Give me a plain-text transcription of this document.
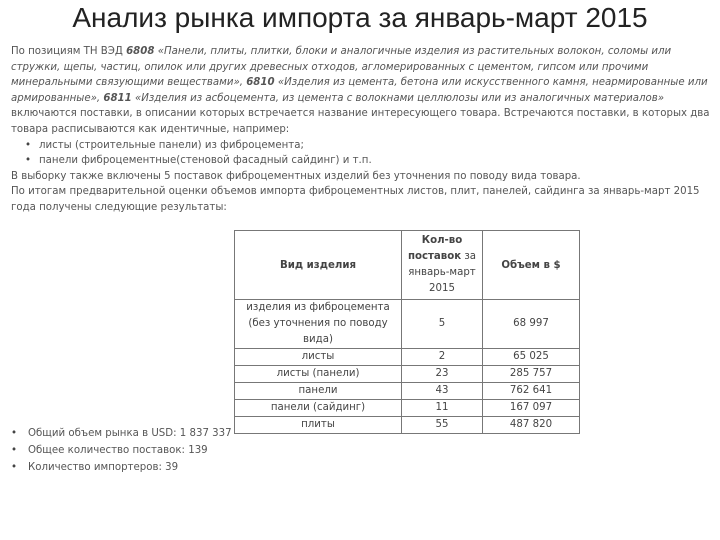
Анализ рынка импорта за январь-март 2015

По позициям ТН ВЭД 6808 «Панели, плиты, плитки, блоки и аналогичные изделия из растительных волокон, соломы или стружки, щепы, частиц, опилок или других древесных отходов, агломерированных с цементом, гипсом или прочими минеральными связующими веществами», 6810 «Изделия из цемента, бетона или искусственного камня, неармированные или армированные», 6811 «Изделия из асбоцемента, из цемента с волокнами целлюлозы или из аналогичных материалов» включаются поставки, в описании которых встречается название интересующего товара. Встречаются поставки, в которых два товара расписываются как идентичные, например:

• листы (строительные панели) из фиброцемента;
• панели фиброцементные(стеновой фасадный сайдинг) и т.п.

В выборку также включены 5 поставок фиброцементных изделий без уточнения по поводу вида товара.

По итогам предварительной оценки объемов импорта фиброцементных листов, плит, панелей, сайдинга за январь-март 2015 года получены следующие результаты:

Вид изделия	Кол-во поставок за январь-март 2015	Объем в $
изделия из фиброцемента (без уточнения по поводу вида)	5	68 997
листы	2	65 025
листы (панели)	23	285 757
панели	43	762 641
панели (сайдинг)	11	167 097
плиты	55	487 820
• Общий объем рынка в USD: 1 837 337
• Общее количество поставок: 139
• Количество импортеров: 39
